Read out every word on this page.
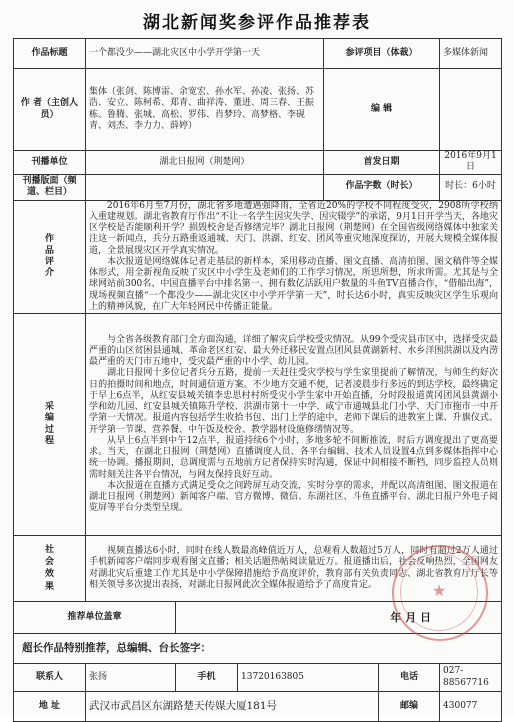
湖北新闻奖参评作品推荐表
作品标题	一个都没少——湖北灾区中小学开学第一天			参评项目（体裁）		多媒体新闻
作 者（主创人员）	集体（张剑、陈博雷、余宽宏、孙水军、孙凌、张扬、苏浩、安立、陈柯希、郑青、曲祥涛、董进、周三春、王振栋、鲁腾、张城、高松、罗伟、肖梦玲、高梦格、李砚青、刘杰、李力力、薛婷）			编 辑		
刊播单位	湖北日报网（荆楚网）			首发日期		2016年9月1日
刊播版面（频道、栏目）				作品字数（时长）		时长：6小时
作品评介	2016年6月至7月份，湖北省多地遭遇强降雨，全省近20%的学校不同程度受灾，2908所学校纳入重建规划。湖北省教育厅作出“不让一名学生因灾失学、因灾辍学”的承诺，9月1日开学当天，各地灾区学校是否能顺利开学？损毁校舍是否修缮完毕？湖北日报网（荆楚网）在全国省级网络媒体中独家关注这一新闻点，兵分五路重返通城、天门、洪湖、红安、团风等重灾地深度探访，开展大规模全媒体报道，全景展现灾区开学真实情况。

本次报道是网络媒体记者走基层的新样本，采用移动直播、图文直播、高清拍图、图文稿件等全媒体形式，用全新视角反映了灾区中小学生及老师们的工作学习情况，所思所想，所求所需。尤其是与全球网站前300名、中国直播平台中排名第一、拥有数亿活跃用户数量的斗鱼TV直播合作，“借船出海”，现场视频直播“一个都没少——湖北灾区中小学开学第一天”，时长达6小时，真实反映灾区学生乐观向上的精神风貌，在广大年轻网民中传播正能量。					

采编过程	与全省各级教育部门全方面沟通，详细了解灾后学校受灾情况。从99个受灾县市区中，选择受灾最严重的山区贫困县通城、革命老区红安、最大外迁移民安置点团风县黄湖新村、水乡洋围洪湖以及内涝最严重的天门市五地中，受灾最严重的中小学、幼儿园。

湖北日报网十多位记者兵分五路，提前一天赶往受灾学校与学生家里提前了解情况，与师生约好次日的拍摄时间和地点，时间通信道方案。不少地方交通不便，记者凌晨步行多远的到达学校，最终确定于早上6点半，从红安县城关镇李忠思村村所受灾小学生家中开始直播，分时段报道黄冈团风县黄湖小学和幼儿园、红安县城关镇陈升学校、洪湖市第十一中学、咸宁市通城县北门小学、天门市拖市一中开学第一天情况。报道内容包括学生收拾书包、出门上学的途中，老师下课后的进教室上课、升旗仪式、开学第一节课、营养餐、中午饭及校舍、教学器材设施修缮情况等。

从早上6点半到中午12点半，报道持续6个小时，多地多轮不间断推流，时后方调度提出了更高要求。当天，在湖北日报网（荆楚网）直播调度人员、各平台编辑、技术人员设置4点到多媒体指挥中心统一协调。播报期间，总调度需与五地前方记者保持实时沟通，保证中间相接不断档，同步监控人员则需时刻关注各平台情况，与网友保持良好互动。

本次报道在直播方式满足受众之间跨屏互动交流，实时分享的需求，并配以高清组图、图文报道在湖北日报网（荆楚网）新闻客户端、官方微博、微信、东湖社区、斗鱼直播平台、湖北日报户外电子阅览屏等平台分类型呈现。					

社会效果	视频直播达6小时，同时在线人数最高峰值近万人，总观看人数超过5万人，同时有超过2万人通过手机新闻客户端同步观看图文直播；相关话题热帖阅读量近万。报道播出后，社会反响热烈，全国网友对湖北灾后重建工作尤其是中小学保障措施给予高度评价，教育部有关负责同志、湖北省教育厅厅长等相关领导多次提出表扬，对湖北日报网此次全媒体报道给予了高度肯定。					

推荐单位盖章		年 月 日				
超长作品特别推荐，总编辑、台长签字：						
联系人	张扬	手机	13720163805		电话	027-88567716
地 址	武汉市武昌区东湖路楚天传媒大厦181号				邮编	430077
★
